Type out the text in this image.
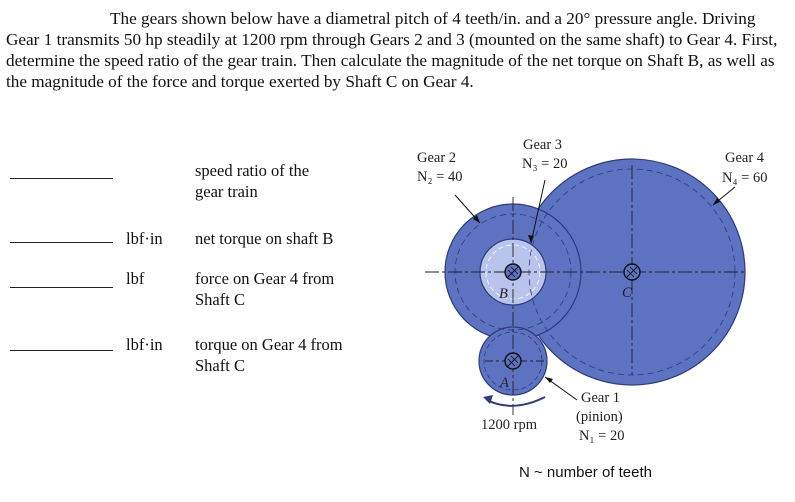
The gears shown below have a diametral pitch of 4 teeth/in. and a 20° pressure angle. Driving Gear 1 transmits 50 hp steadily at 1200 rpm through Gears 2 and 3 (mounted on the same shaft) to Gear 4. First, determine the speed ratio of the gear train. Then calculate the magnitude of the net torque on Shaft B, as well as the magnitude of the force and torque exerted by Shaft C on Gear 4.

speed ratio of the
gear train
lbf·in net torque on shaft B
lbf	force on Gear 4 from
Shaft C
lbf·in torque on Gear 4 from
Shaft C
B	C
A
Gear 2
N₂ = 40
Gear 3
N₃ = 20	Gear 4
N₄ = 60
Gear 1
(pinion)
N₁ = 20
1200 rpm
N ~ number of teeth
